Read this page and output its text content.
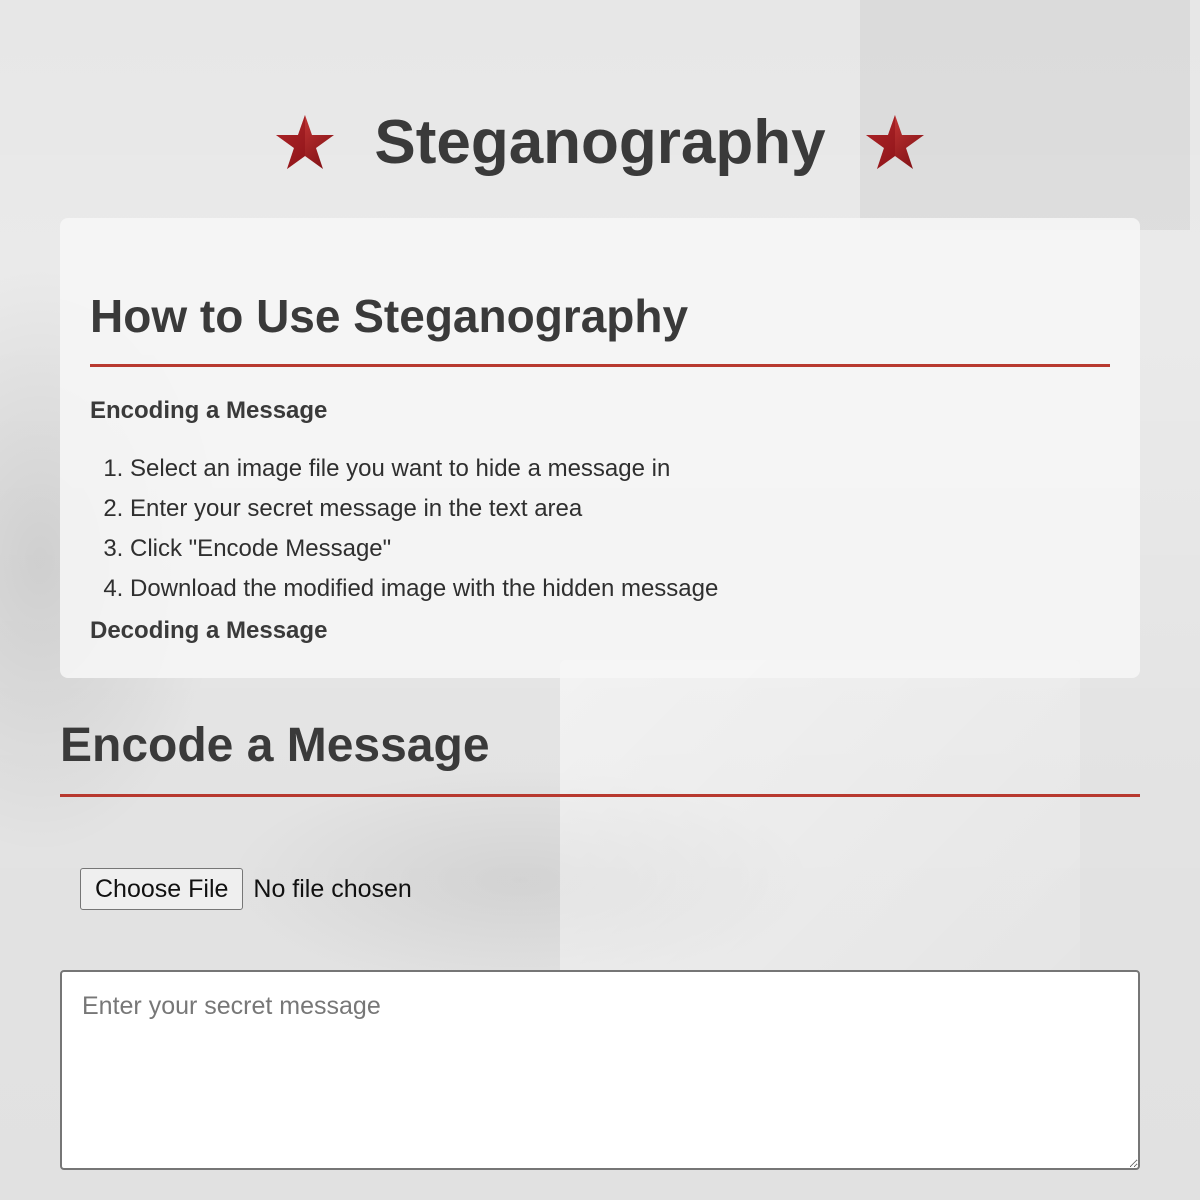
Steganography
How to Use Steganography
Encoding a Message
1. Select an image file you want to hide a message in
2. Enter your secret message in the text area
3. Click "Encode Message"
4. Download the modified image with the hidden message
Decoding a Message
Encode a Message
Choose File	No file chosen
Enter your secret message
